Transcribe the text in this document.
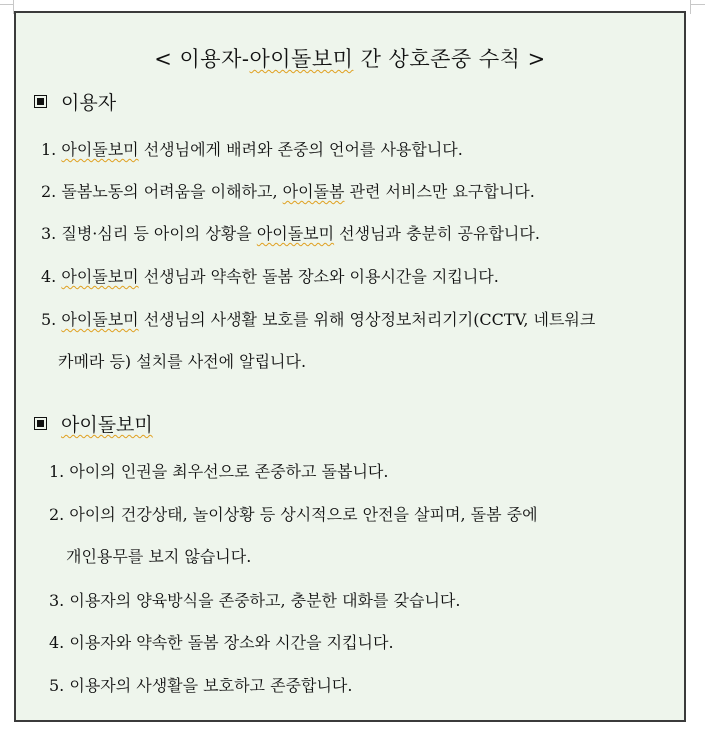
< 이용자-아이돌보미 간 상호존중 수칙 >
이용자
1. 아이돌보미 선생님에게 배려와 존중의 언어를 사용합니다.
2. 돌봄노동의 어려움을 이해하고, 아이돌봄 관련 서비스만 요구합니다.
3. 질병·심리 등 아이의 상황을 아이돌보미 선생님과 충분히 공유합니다.
4. 아이돌보미 선생님과 약속한 돌봄 장소와 이용시간을 지킵니다.
5. 아이돌보미 선생님의 사생활 보호를 위해 영상정보처리기기(CCTV, 네트워크
카메라 등) 설치를 사전에 알립니다.
아이돌보미
1. 아이의 인권을 최우선으로 존중하고 돌봅니다.
2. 아이의 건강상태, 놀이상황 등 상시적으로 안전을 살피며, 돌봄 중에
개인용무를 보지 않습니다.
3. 이용자의 양육방식을 존중하고, 충분한 대화를 갖습니다.
4. 이용자와 약속한 돌봄 장소와 시간을 지킵니다.
5. 이용자의 사생활을 보호하고 존중합니다.
